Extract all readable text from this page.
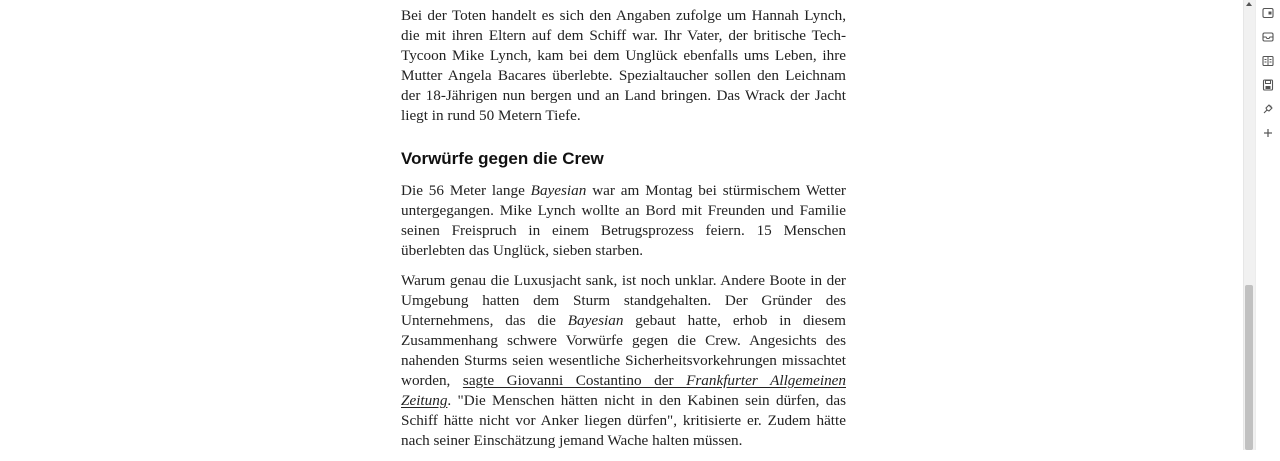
Bei der Toten handelt es sich den Angaben zufolge um Hannah Lynch, die mit ihren Eltern auf dem Schiff war. Ihr Vater, der britische Tech-Tycoon Mike Lynch, kam bei dem Unglück ebenfalls ums Leben, ihre Mutter Angela Bacares überlebte. Spezialtaucher sollen den Leichnam der 18-Jährigen nun bergen und an Land bringen. Das Wrack der Jacht liegt in rund 50 Metern Tiefe.

Vorwürfe gegen die Crew

Die 56 Meter lange Bayesian war am Montag bei stürmischem Wetter untergegangen. Mike Lynch wollte an Bord mit Freunden und Familie seinen Freispruch in einem Betrugsprozess feiern. 15 Menschen überlebten das Unglück, sieben starben.

Warum genau die Luxusjacht sank, ist noch unklar. Andere Boote in der Umgebung hatten dem Sturm standgehalten. Der Gründer des Unternehmens, das die Bayesian gebaut hatte, erhob in diesem Zusammenhang schwere Vorwürfe gegen die Crew. Angesichts des nahenden Sturms seien wesentliche Sicherheitsvorkehrungen missachtet worden, sagte Giovanni Costantino der Frankfurter Allgemeinen Zeitung. "Die Menschen hätten nicht in den Kabinen sein dürfen, das Schiff hätte nicht vor Anker liegen dürfen", kritisierte er. Zudem hätte nach seiner Einschätzung jemand Wache halten müssen.
